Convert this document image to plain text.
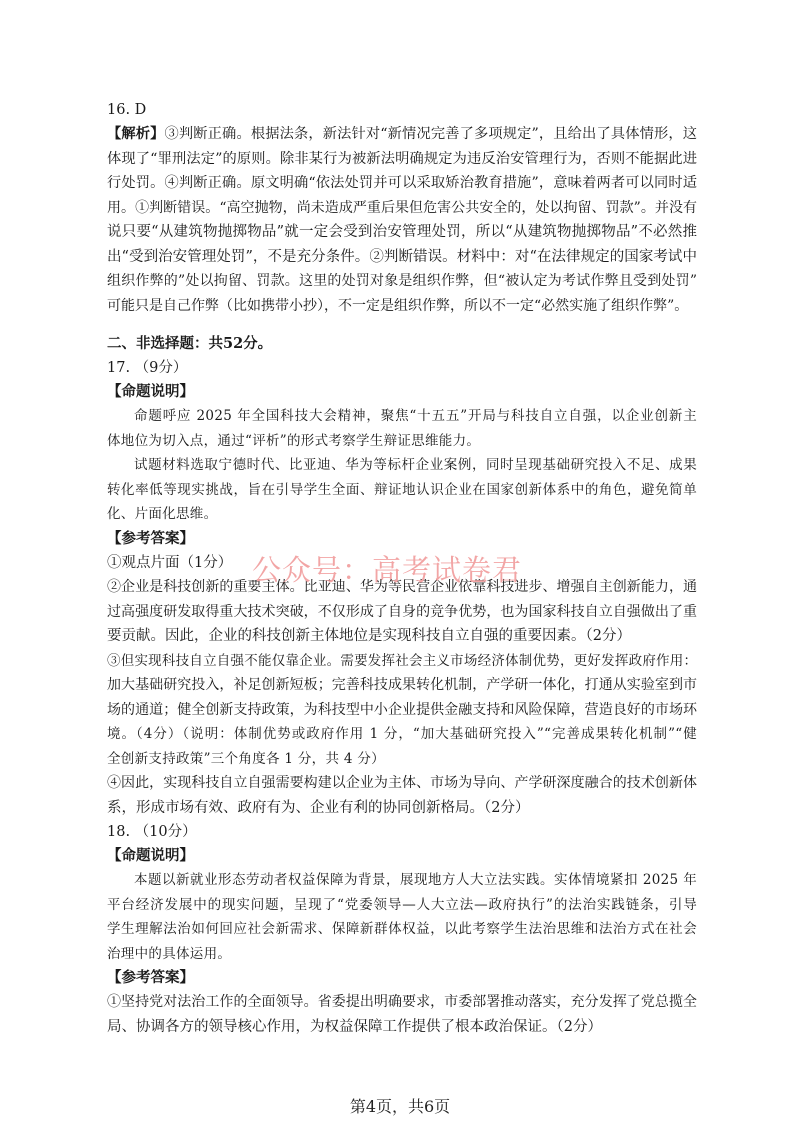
16. D
【解析】③判断正确。根据法条，新法针对“新情况完善了多项规定”，且给出了具体情形，这
体现了“罪刑法定”的原则。除非某行为被新法明确规定为违反治安管理行为，否则不能据此进
行处罚。④判断正确。原文明确“依法处罚并可以采取矫治教育措施”，意味着两者可以同时适
用。①判断错误。“高空抛物，尚未造成严重后果但危害公共安全的，处以拘留、罚款”。并没有
说只要“从建筑物抛掷物品”就一定会受到治安管理处罚，所以“从建筑物抛掷物品”不必然推
出“受到治安管理处罚”，不是充分条件。②判断错误。材料中：对“在法律规定的国家考试中
组织作弊的”处以拘留、罚款。这里的处罚对象是组织作弊，但“被认定为考试作弊且受到处罚”
可能只是自己作弊（比如携带小抄），不一定是组织作弊，所以不一定“必然实施了组织作弊”。
二、非选择题：共52分。
17. （9分）
【命题说明】
命题呼应 2025 年全国科技大会精神，聚焦“十五五”开局与科技自立自强，以企业创新主
体地位为切入点，通过“评析”的形式考察学生辩证思维能力。
试题材料选取宁德时代、比亚迪、华为等标杆企业案例，同时呈现基础研究投入不足、成果
转化率低等现实挑战，旨在引导学生全面、辩证地认识企业在国家创新体系中的角色，避免简单
化、片面化思维。
【参考答案】
①观点片面（1分）
②企业是科技创新的重要主体。比亚迪、华为等民营企业依靠科技进步、增强自主创新能力，通
过高强度研发取得重大技术突破，不仅形成了自身的竞争优势，也为国家科技自立自强做出了重
要贡献。因此，企业的科技创新主体地位是实现科技自立自强的重要因素。（2分）
③但实现科技自立自强不能仅靠企业。需要发挥社会主义市场经济体制优势，更好发挥政府作用：
加大基础研究投入，补足创新短板；完善科技成果转化机制，产学研一体化，打通从实验室到市
场的通道；健全创新支持政策，为科技型中小企业提供金融支持和风险保障，营造良好的市场环
境。（4分）（说明：体制优势或政府作用 1 分，“加大基础研究投入”“完善成果转化机制”“健
全创新支持政策”三个角度各 1 分，共 4 分）
④因此，实现科技自立自强需要构建以企业为主体、市场为导向、产学研深度融合的技术创新体
系，形成市场有效、政府有为、企业有利的协同创新格局。（2分）
18. （10分）
【命题说明】
本题以新就业形态劳动者权益保障为背景，展现地方人大立法实践。实体情境紧扣 2025 年
平台经济发展中的现实问题，呈现了“党委领导—人大立法—政府执行”的法治实践链条，引导
学生理解法治如何回应社会新需求、保障新群体权益，以此考察学生法治思维和法治方式在社会
治理中的具体运用。
【参考答案】
①坚持党对法治工作的全面领导。省委提出明确要求，市委部署推动落实，充分发挥了党总揽全
局、协调各方的领导核心作用，为权益保障工作提供了根本政治保证。（2分）
公众号：高考试卷君
第4页，共6页
